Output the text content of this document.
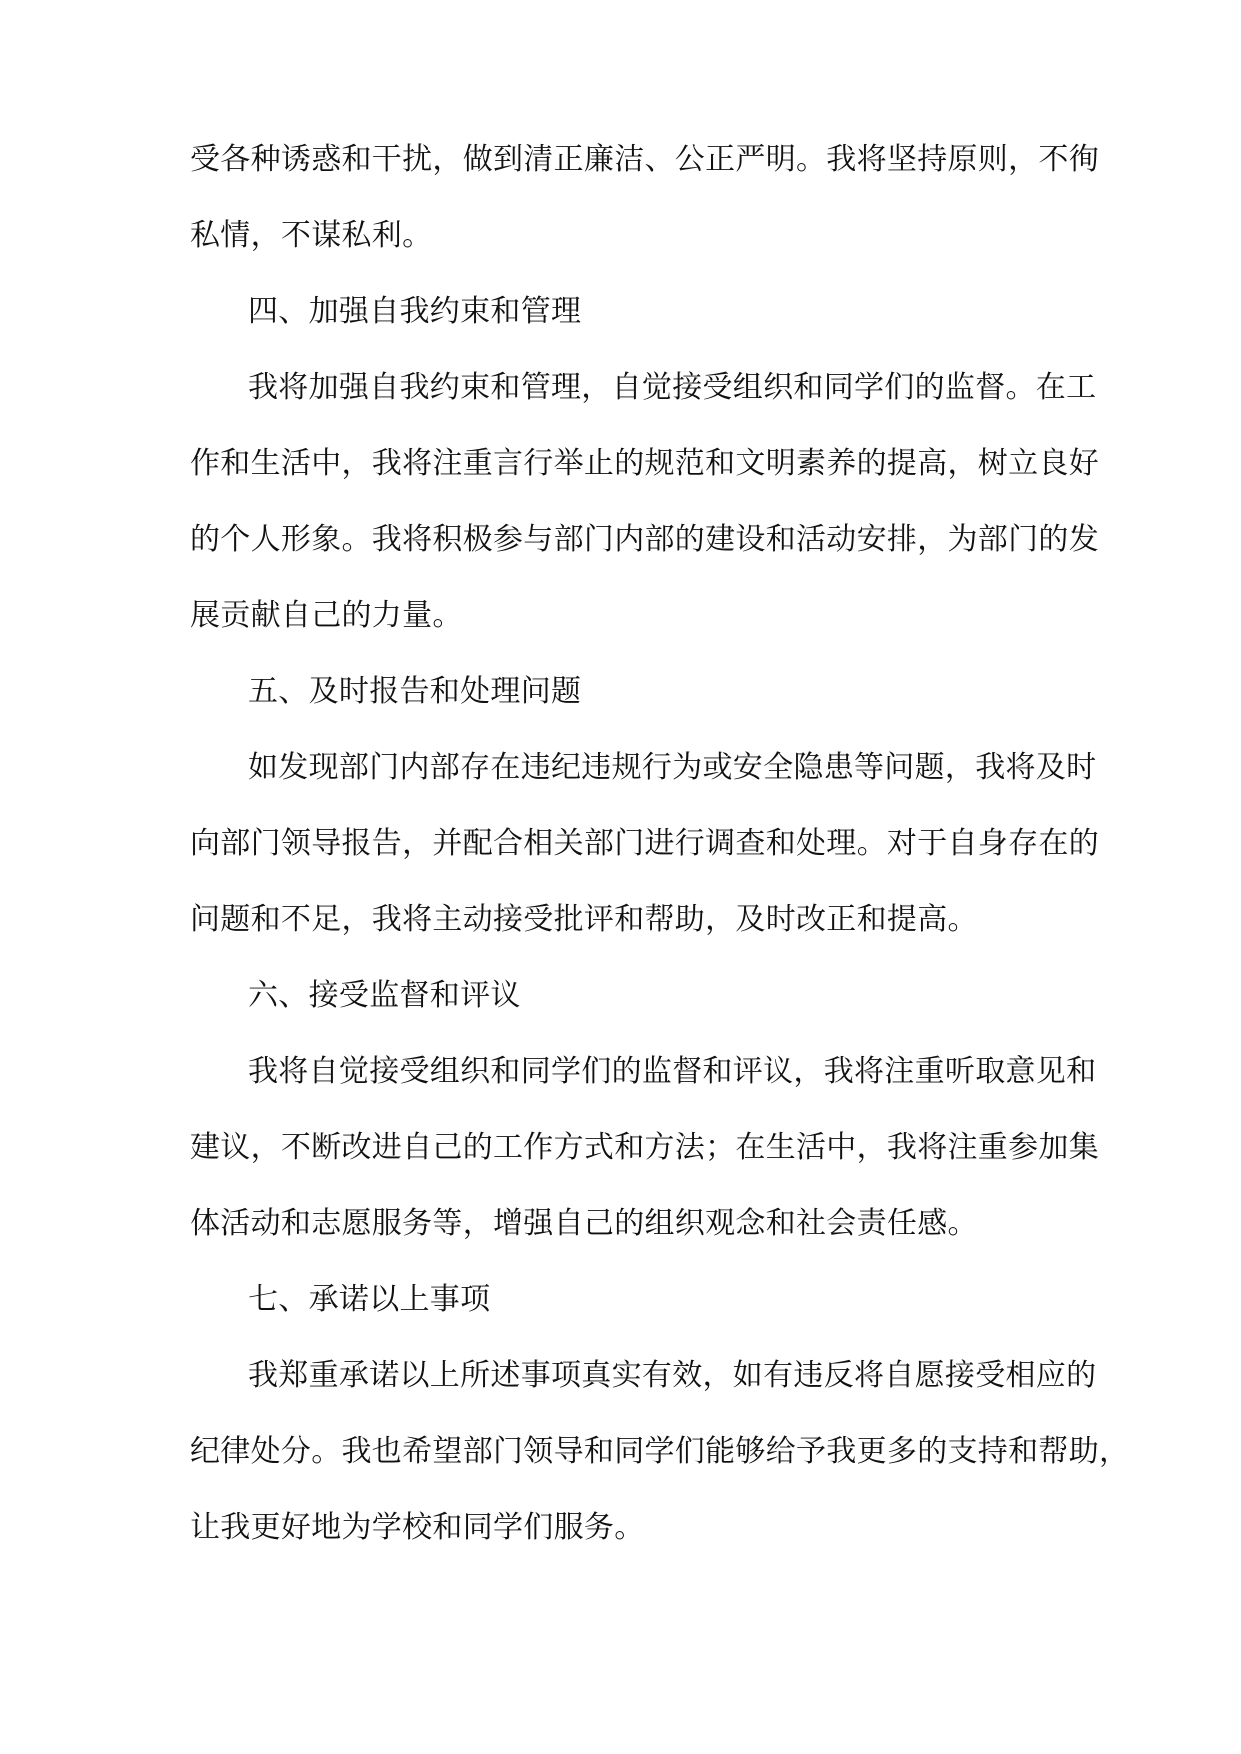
受各种诱惑和干扰，做到清正廉洁、公正严明。我将坚持原则，不徇
私情，不谋私利。
四、加强自我约束和管理
我将加强自我约束和管理，自觉接受组织和同学们的监督。在工
作和生活中，我将注重言行举止的规范和文明素养的提高，树立良好
的个人形象。我将积极参与部门内部的建设和活动安排，为部门的发
展贡献自己的力量。
五、及时报告和处理问题
如发现部门内部存在违纪违规行为或安全隐患等问题，我将及时
向部门领导报告，并配合相关部门进行调查和处理。对于自身存在的
问题和不足，我将主动接受批评和帮助，及时改正和提高。
六、接受监督和评议
我将自觉接受组织和同学们的监督和评议，我将注重听取意见和
建议，不断改进自己的工作方式和方法；在生活中，我将注重参加集
体活动和志愿服务等，增强自己的组织观念和社会责任感。
七、承诺以上事项
我郑重承诺以上所述事项真实有效，如有违反将自愿接受相应的
纪律处分。我也希望部门领导和同学们能够给予我更多的支持和帮助，
让我更好地为学校和同学们服务。
